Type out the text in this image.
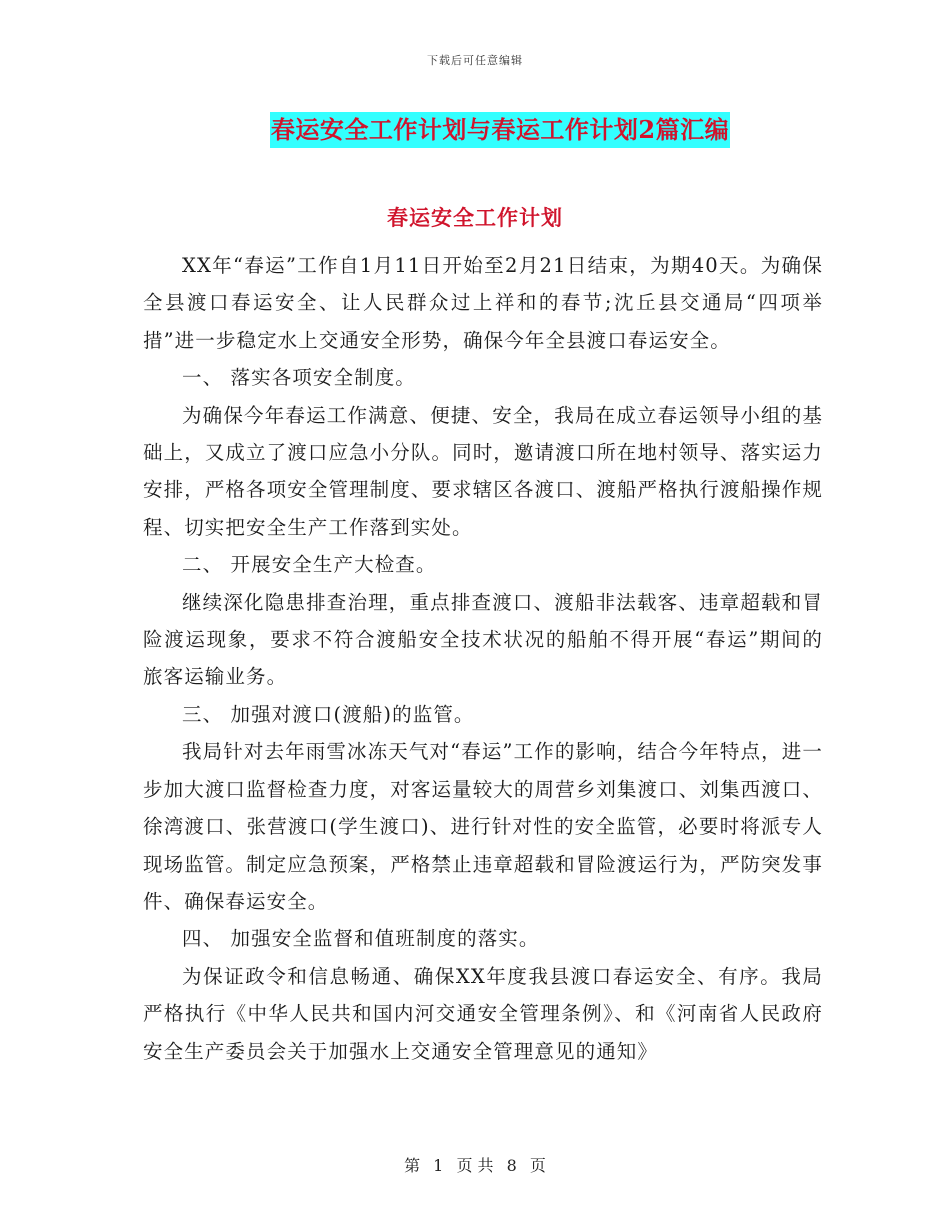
下载后可任意编辑
春运安全工作计划与春运工作计划2篇汇编
春运安全工作计划

XX年“春运”工作自1月11日开始至2月21日结束，为期40天。为确保全县渡口春运安全、让人民群众过上祥和的春节;沈丘县交通局“四项举措”进一步稳定水上交通安全形势，确保今年全县渡口春运安全。

一、 落实各项安全制度。

为确保今年春运工作满意、便捷、安全，我局在成立春运领导小组的基础上，又成立了渡口应急小分队。同时，邀请渡口所在地村领导、落实运力安排，严格各项安全管理制度、要求辖区各渡口、渡船严格执行渡船操作规程、切实把安全生产工作落到实处。

二、 开展安全生产大检查。

继续深化隐患排查治理，重点排查渡口、渡船非法载客、违章超载和冒险渡运现象，要求不符合渡船安全技术状况的船舶不得开展“春运”期间的旅客运输业务。

三、 加强对渡口(渡船)的监管。

我局针对去年雨雪冰冻天气对“春运”工作的影响，结合今年特点，进一步加大渡口监督检查力度，对客运量较大的周营乡刘集渡口、刘集西渡口、徐湾渡口、张营渡口(学生渡口)、进行针对性的安全监管，必要时将派专人现场监管。制定应急预案，严格禁止违章超载和冒险渡运行为，严防突发事件、确保春运安全。

四、 加强安全监督和值班制度的落实。

为保证政令和信息畅通、确保XX年度我县渡口春运安全、有序。我局严格执行《中华人民共和国内河交通安全管理条例》、和《河南省人民政府安全生产委员会关于加强水上交通安全管理意见的通知》

第 1 页 共 8 页
